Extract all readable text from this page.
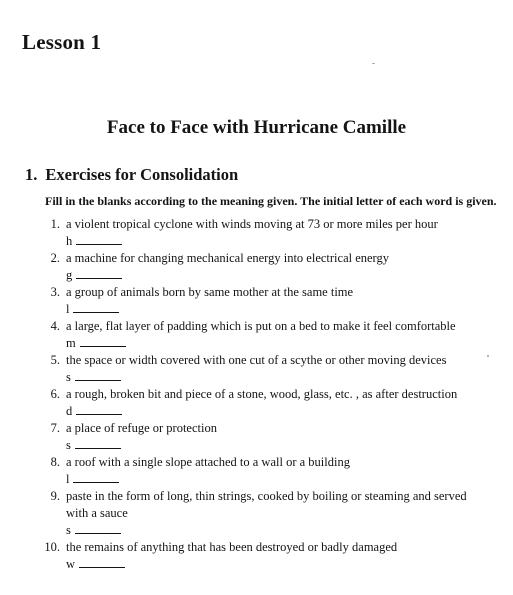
Lesson 1
Face to Face with Hurricane Camille
1. Exercises for Consolidation
Fill in the blanks according to the meaning given. The initial letter of each word is given.
1. a violent tropical cyclone with winds moving at 73 or more miles per hour
h
2. a machine for changing mechanical energy into electrical energy
g
3. a group of animals born by same mother at the same time
l
4. a large, flat layer of padding which is put on a bed to make it feel comfortable
m
5. the space or width covered with one cut of a scythe or other moving devices
s
6. a rough, broken bit and piece of a stone, wood, glass, etc. , as after destruction
d
7. a place of refuge or protection
s
8. a roof with a single slope attached to a wall or a building
l
9. paste in the form of long, thin strings, cooked by boiling or steaming and served with a sauce
s
10. the remains of anything that has been destroyed or badly damaged
w
